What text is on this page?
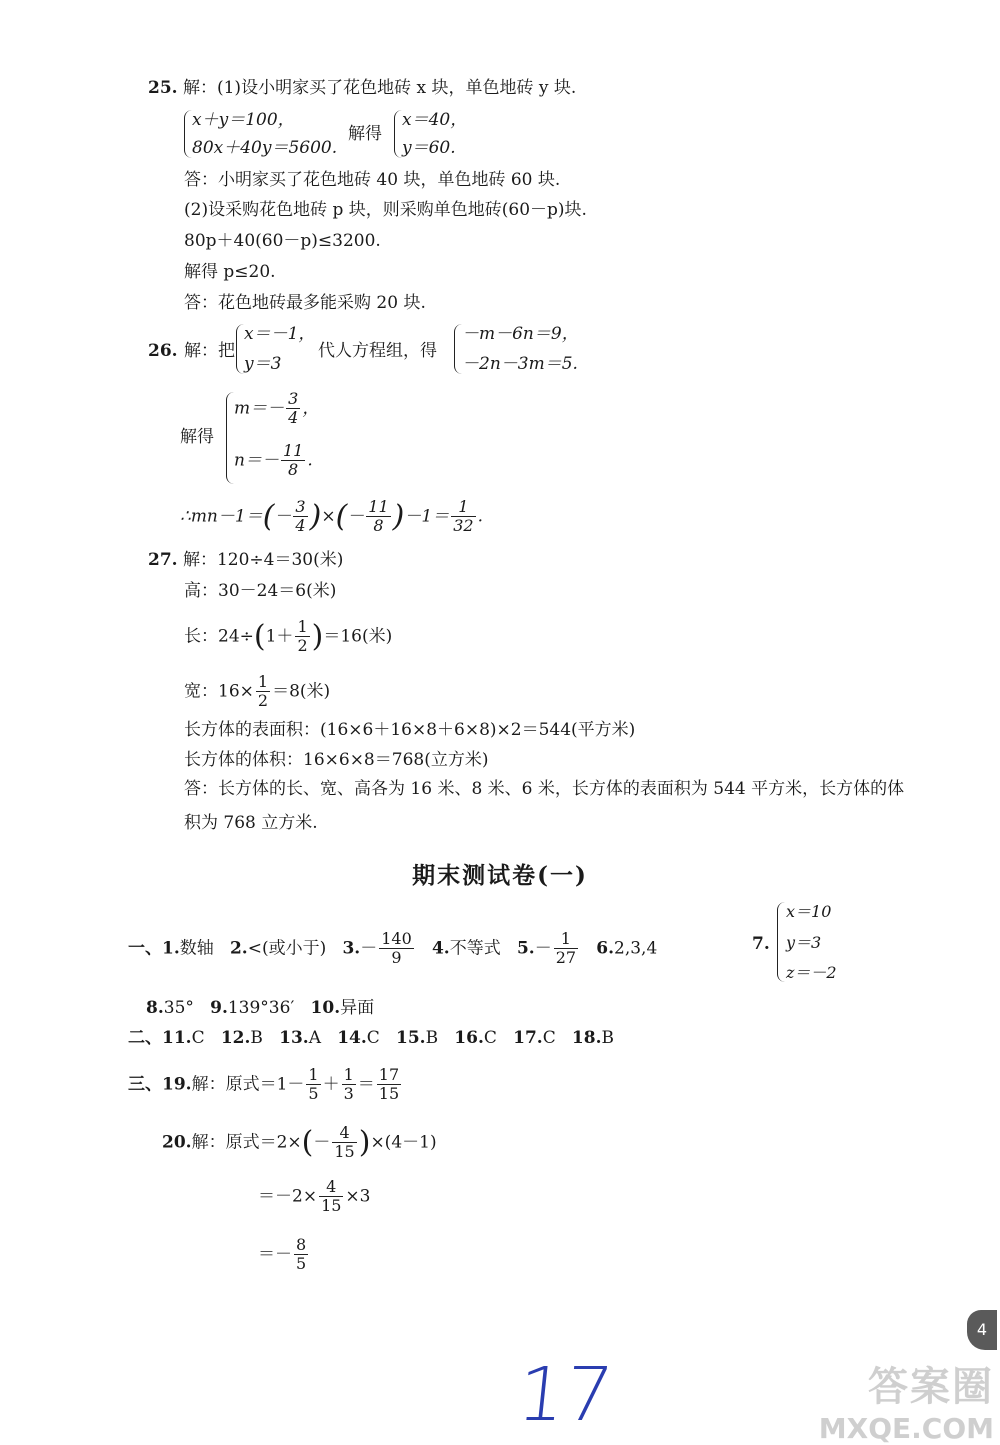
25. 解：(1)设小明家买了花色地砖 x 块，单色地砖 y 块.
x＋y＝100，
80x＋40y＝5600.
解得
x＝40，
y＝60.
答：小明家买了花色地砖 40 块，单色地砖 60 块.
(2)设采购花色地砖 p 块，则采购单色地砖(60－p)块.
80p＋40(60－p)≤3200.
解得 p≤20.
答：花色地砖最多能采购 20 块.
26. 解：把
x＝－1，
y＝3
代人方程组，得
－m－6n＝9，
－2n－3m＝5.
解得
$m=- \frac{3}{4}$ ，
$n=- \frac{11}{8}$ .
∴mn－1＝(－ $\frac{3}{4}$ )×(－ $\frac{11}{8} )-1= \frac{1}{32}$ .
27. 解：120÷4＝30(米)
高：30－24＝6(米)
长：$24\div(1+ \frac{1}{2} )=16$(米)
宽：$16\times \frac{1}{2} =8$(米)
长方体的表面积：(16×6＋16×8＋6×8)×2＝544(平方米)
长方体的体积：16×6×8＝768(立方米)
答：长方体的长、宽、高各为 16 米、8 米、6 米，长方体的表面积为 544 平方米，长方体的体
积为 768 立方米.
期末测试卷(一)
一、1.数轴 2.<(或小于) $3.- \frac{140}{9} 4$.不等式 $5.- \frac{1}{27} 6.2,3,4$	7.
x＝10
y＝3
z＝－2
8.35° 9.139°36′ 10.异面
二、11.C 12.B 13.A 14.C 15.B 16.C 17.C 18.B
三、19.解：原式$=1- \frac{1}{5} + \frac{1}{3} = \frac{17}{15}$
20.解：原式$=2\times(- \frac{4}{15} )\times(4-1)$
$=-2\times \frac{4}{15} \times 3$
＝－ $\frac{8}{5}$
4
17	答案圈
MXQE.COM
